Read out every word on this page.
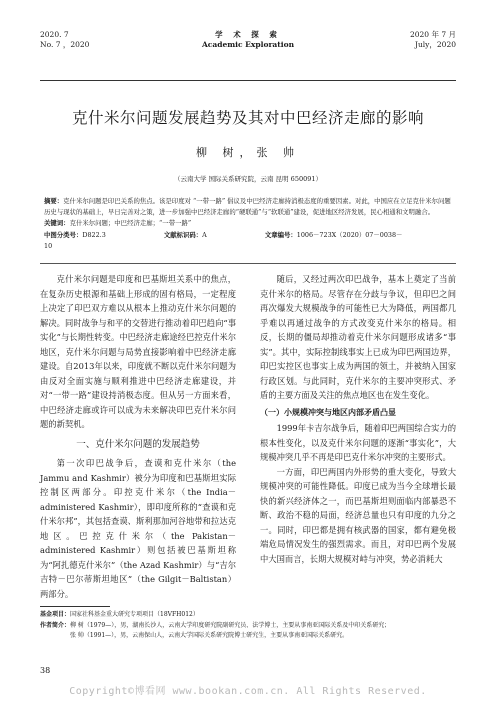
2020. 7
No. 7 ，2020
学 术 探 索
Academic Exploration
2020 年 7 月
July，2020
克什米尔问题发展趋势及其对中巴经济走廊的影响
柳 树，张 帅
（云南大学 国际关系研究院，云南 昆明 650091）

摘要：克什米尔问题是印巴关系的焦点。该是印度对 “一带一路” 倡议及中巴经济走廊持消极态度的重要因素。对此，中国应在立足克什米尔问题历史与现状的基础上，早日完善对之策，进一步加强中巴经济走廊的“硬联通”与“软联通”建设，促进地区经济发展，民心相通和文明融合。

关键词：克什米尔问题；中巴经济走廊；“一带一路”

中图分类号：D822.3	文献标识码：A	文章编号：1006－723X（2020）07－0038－10

克什米尔问题是印度和巴基斯坦关系中的焦点，在复杂历史根源和基础上形成的固有格局，一定程度上决定了印巴双方难以从根本上推动克什米尔问题的解决。同时战争与和平的交替进行推动着印巴趋向“事实化”与长期性转变。中巴经济走廊途经巴控克什米尔地区，克什米尔问题与局势直接影响着中巴经济走廊建设。自2013年以来，印度就不断以克什米尔问题为由反对全面实施与顺利推进中巴经济走廊建设，并对“一带一路”建设持消极态度。但从另一方面来看，中巴经济走廊或许可以成为未来解决印巴克什米尔问题的新契机。

一、克什米尔问题的发展趋势

第一次印巴战争后，查谟和克什米尔（the Jammu and Kashmir）被分为印度和巴基斯坦实际控制区两部分。印控克什米尔（the India－administered Kashmir），即印度所称的“查谟和克什米尔邦”，其包括查谟、斯利那加河谷地带和拉达克地区。巴控克什米尔（the Pakistan－administered Kashmir）则包括被巴基斯坦称为“阿扎德克什米尔”（the Azad Kashmir）与“吉尔吉特－巴尔蒂斯坦地区”（the Gilgit－Baltistan）两部分。

随后，又经过两次印巴战争，基本上奠定了当前克什米尔的格局。尽管存在分歧与争议，但印巴之间再次爆发大规模战争的可能性已大为降低，两国都几乎难以再通过战争的方式改变克什米尔的格局。相反，长期的僵局却推动着克什米尔问题形成诸多“事实”。其中，实际控制线事实上已成为印巴两国边界，印巴实控区也事实上成为两国的领土，并被纳入国家行政区划。与此同时，克什米尔的主要冲突形式、矛盾的主要方面及关注的焦点地区也在发生变化。

（一）小规模冲突与地区内部矛盾凸显

1999年卡吉尔战争后，随着印巴两国综合实力的根本性变化，以及克什米尔问题的逐渐“事实化”，大规模冲突几乎不再是印巴克什米尔冲突的主要形式。

一方面，印巴两国内外形势的重大变化，导致大规模冲突的可能性降低。印度已成为当今全球增长最快的新兴经济体之一，而巴基斯坦则面临内部暴恐不断、政治不稳的局面，经济总量也只有印度的九分之一。同时，印巴都是拥有核武器的国家，都有避免极端危局情况发生的强烈需求。而且，对印巴两个发展中大国而言，长期大规模对峙与冲突，势必消耗大

基金项目：国家社科基金重大研究专项项目（18VFH012）

作者简介：柳 树（1979—），男，湖南长沙人，云南大学印度研究院副研究员、法学博士，主要从事南亚国际关系及中印关系研究；

张 帅（1991—），男，云南保山人，云南大学国际关系研究院博士研究生，主要从事南亚国际关系研究。

38
Copyright©博看网 www.bookan.com.cn. All Rights Reserved.
